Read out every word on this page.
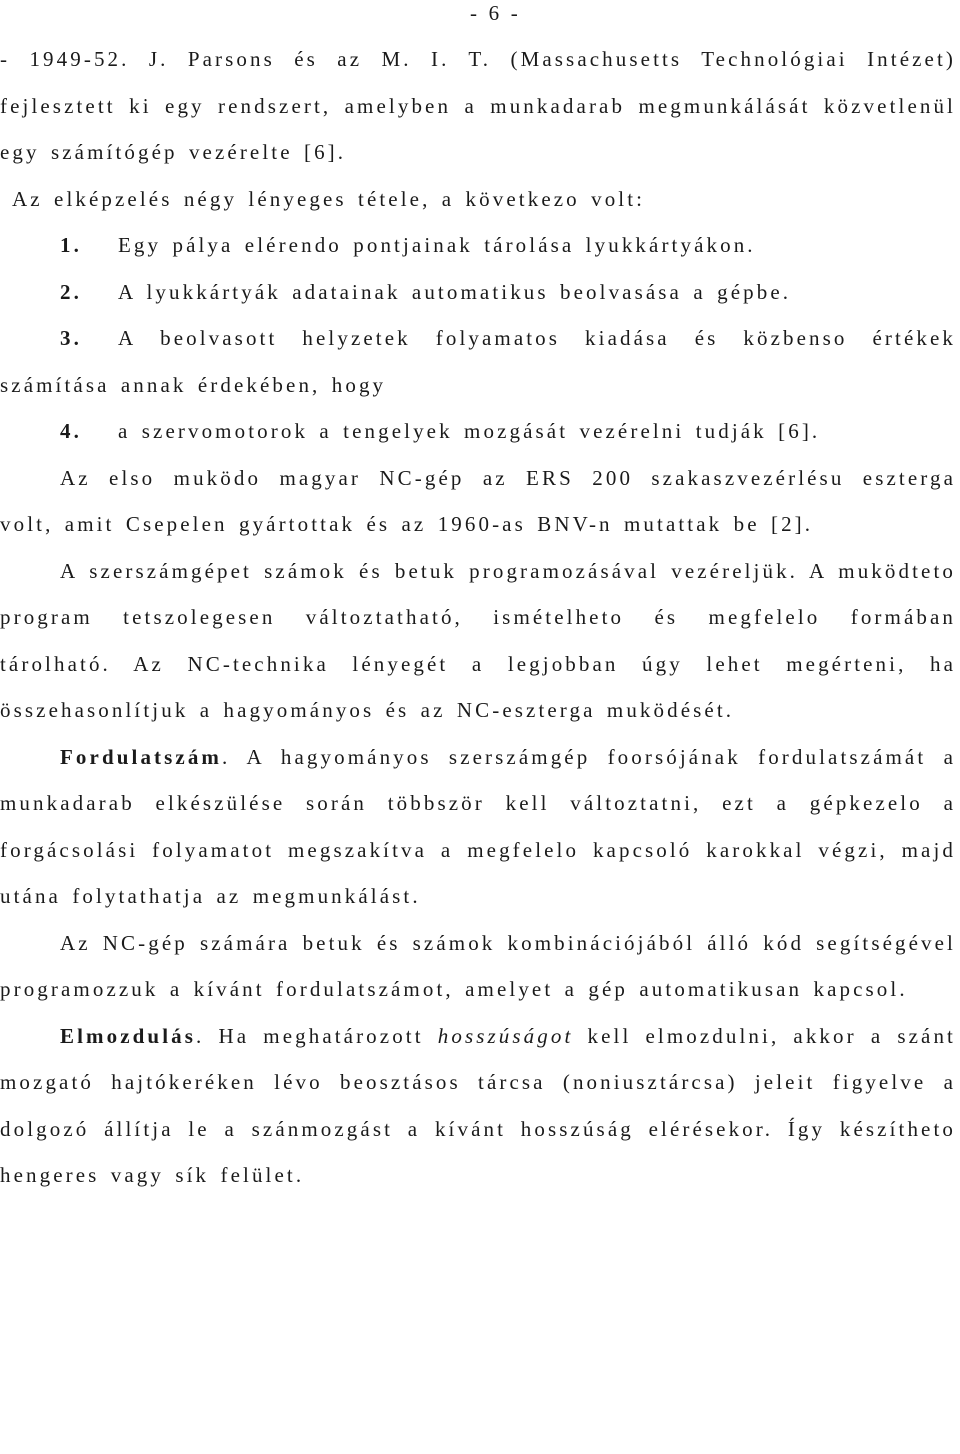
- 6 -

- 1949-52. J. Parsons és az M. I. T. (Massachusetts Technológiai Intézet) fejlesztett ki egy rendszert, amelyben a munkadarab megmunkálását közvetlenül egy számítógép vezérelte [6].

Az elképzelés négy lényeges tétele, a következo volt:

1. Egy pálya elérendo pontjainak tárolása lyukkártyákon.

2. A lyukkártyák adatainak automatikus beolvasása a gépbe.

3. A beolvasott helyzetek folyamatos kiadása és közbenso értékek számítása annak érdekében, hogy

4. a szervomotorok a tengelyek mozgását vezérelni tudják [6].

Az elso muködo magyar NC-gép az ERS 200 szakaszvezérlésu eszterga volt, amit Csepelen gyártottak és az 1960-as BNV-n mutattak be [2].

A szerszámgépet számok és betuk programozásával vezéreljük. A muködteto program tetszolegesen változtatható, ismételheto és megfelelo formában tárolható. Az NC-technika lényegét a legjobban úgy lehet megérteni, ha összehasonlítjuk a hagyományos és az NC-eszterga muködését.

Fordulatszám. A hagyományos szerszámgép foorsójának fordulatszámát a munkadarab elkészülése során többször kell változtatni, ezt a gépkezelo a forgácsolási folyamatot megszakítva a megfelelo kapcsoló karokkal végzi, majd utána folytathatja az megmunkálást.

Az NC-gép számára betuk és számok kombinációjából álló kód segítségével programozzuk a kívánt fordulatszámot, amelyet a gép automatikusan kapcsol.

Elmozdulás. Ha meghatározott hosszúságot kell elmozdulni, akkor a szánt mozgató hajtókeréken lévo beosztásos tárcsa (noniusztárcsa) jeleit figyelve a dolgozó állítja le a szánmozgást a kívánt hosszúság elérésekor. Így készítheto hengeres vagy sík felület.
